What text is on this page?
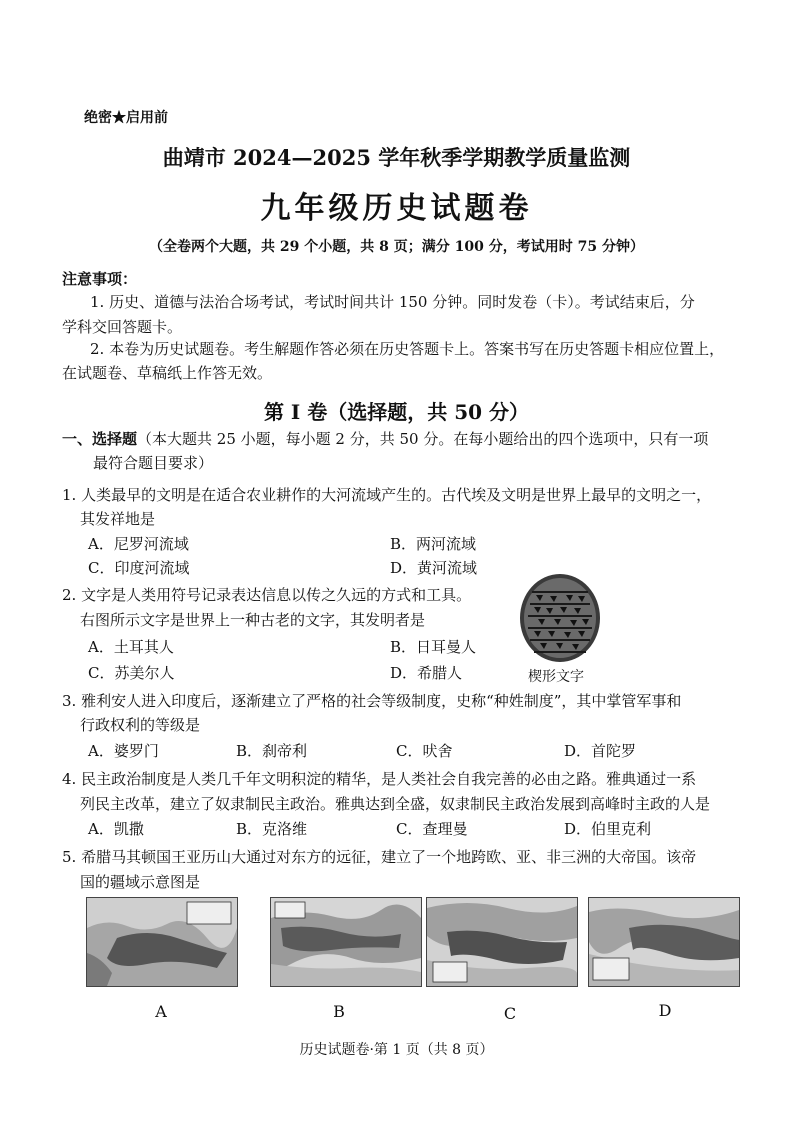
绝密★启用前
曲靖市 2024—2025 学年秋季学期教学质量监测
九年级历史试题卷
（全卷两个大题，共 29 个小题，共 8 页；满分 100 分，考试用时 75 分钟）
注意事项：
1. 历史、道德与法治合场考试，考试时间共计 150 分钟。同时发卷（卡）。考试结束后，分
学科交回答题卡。
2. 本卷为历史试题卷。考生解题作答必须在历史答题卡上。答案书写在历史答题卡相应位置上，
在试题卷、草稿纸上作答无效。
第 I 卷（选择题，共 50 分）
一、选择题（本大题共 25 小题，每小题 2 分，共 50 分。在每小题给出的四个选项中，只有一项
最符合题目要求）
1. 人类最早的文明是在适合农业耕作的大河流域产生的。古代埃及文明是世界上最早的文明之一，
其发祥地是
A．尼罗河流域	B．两河流域
C．印度河流域	D．黄河流域
2. 文字是人类用符号记录表达信息以传之久远的方式和工具。
右图所示文字是世界上一种古老的文字，其发明者是
A．土耳其人	B．日耳曼人
C．苏美尔人	D．希腊人	楔形文字
3. 雅利安人进入印度后，逐渐建立了严格的社会等级制度，史称“种姓制度”，其中掌管军事和
行政权利的等级是
A．婆罗门	B．刹帝利	C．吠舍	D．首陀罗
4. 民主政治制度是人类几千年文明积淀的精华，是人类社会自我完善的必由之路。雅典通过一系
列民主改革，建立了奴隶制民主政治。雅典达到全盛，奴隶制民主政治发展到高峰时主政的人是
A．凯撒	B．克洛维	C．查理曼	D．伯里克利
5. 希腊马其顿国王亚历山大通过对东方的远征，建立了一个地跨欧、亚、非三洲的大帝国。该帝
国的疆域示意图是
A	B	C	D
历史试题卷·第 1 页（共 8 页）
